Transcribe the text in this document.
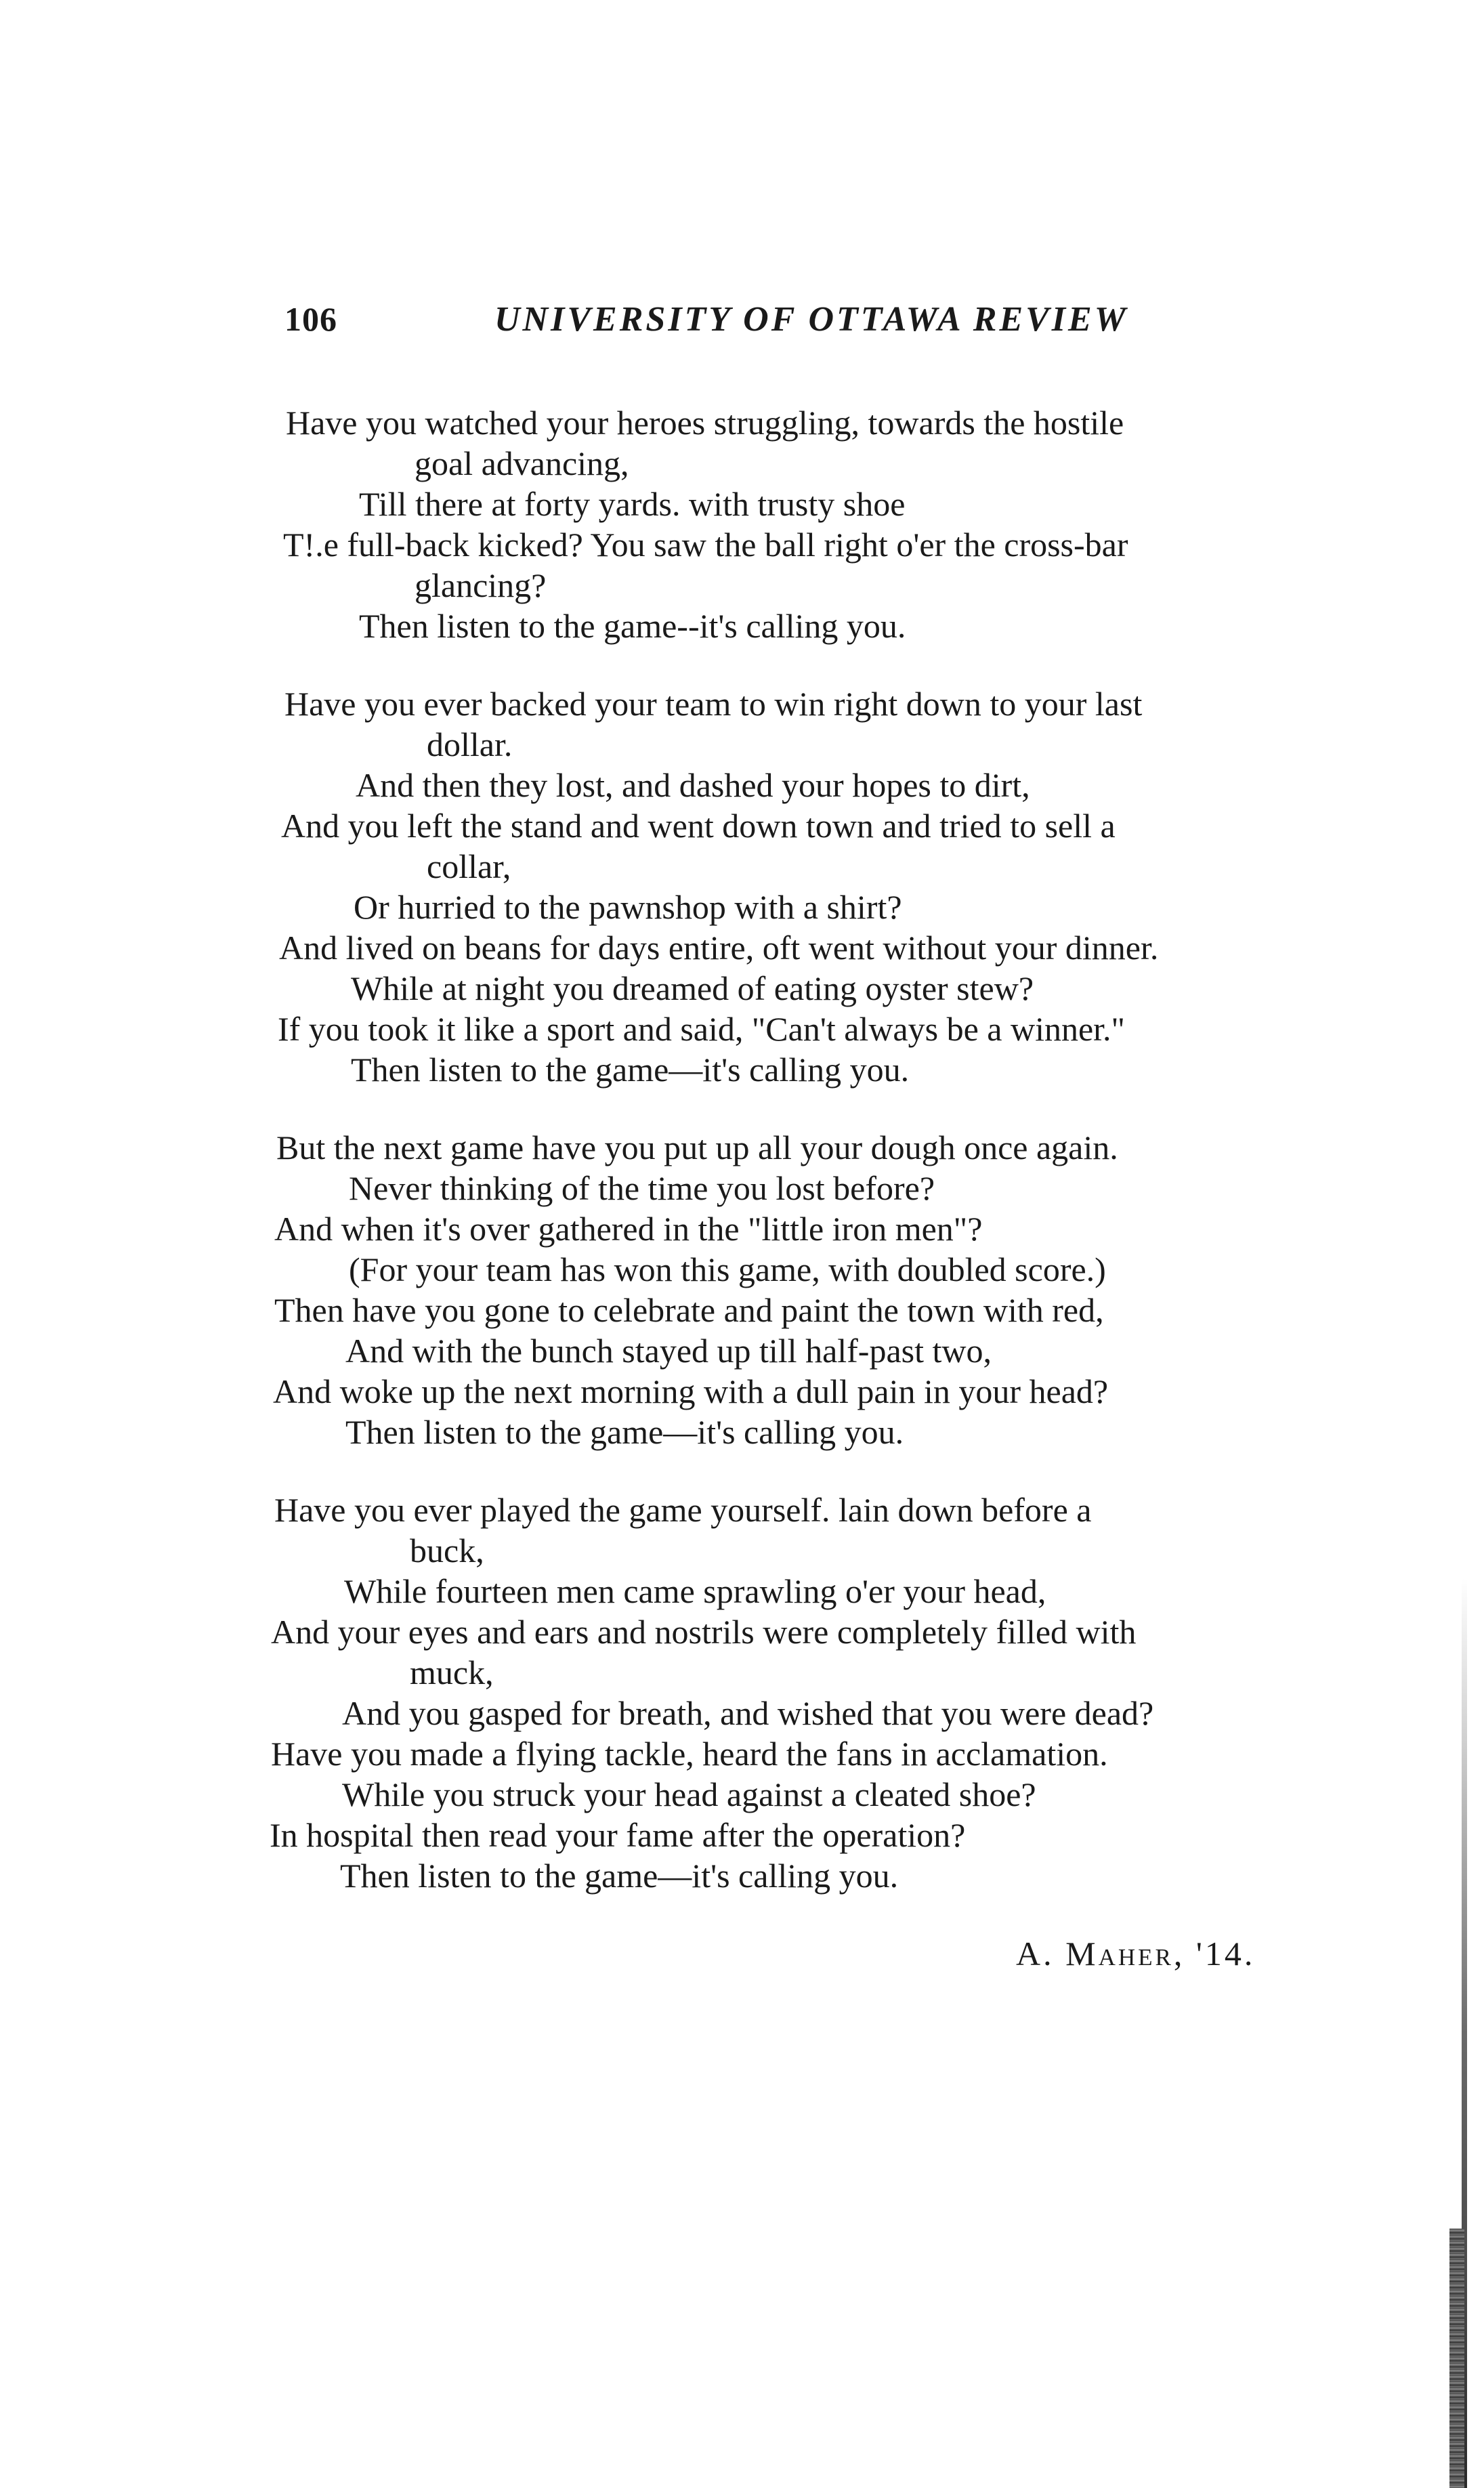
106	UNIVERSITY OF OTTAWA REVIEW
Have you watched your heroes struggling, towards the hostile
goal advancing,
Till there at forty yards. with trusty shoe
T!.e full-back kicked? You saw the ball right o'er the cross-bar
glancing?
Then listen to the game--it's calling you.
Have you ever backed your team to win right down to your last
dollar.
And then they lost, and dashed your hopes to dirt,
And you left the stand and went down town and tried to sell a
collar,
Or hurried to the pawnshop with a shirt?
And lived on beans for days entire, oft went without your dinner.
While at night you dreamed of eating oyster stew?
If you took it like a sport and said, "Can't always be a winner."
Then listen to the game—it's calling you.
But the next game have you put up all your dough once again.
Never thinking of the time you lost before?
And when it's over gathered in the "little iron men"?
(For your team has won this game, with doubled score.)
Then have you gone to celebrate and paint the town with red,
And with the bunch stayed up till half-past two,
And woke up the next morning with a dull pain in your head?
Then listen to the game—it's calling you.
Have you ever played the game yourself. lain down before a
buck,
While fourteen men came sprawling o'er your head,
And your eyes and ears and nostrils were completely filled with
muck,
And you gasped for breath, and wished that you were dead?
Have you made a flying tackle, heard the fans in acclamation.
While you struck your head against a cleated shoe?
In hospital then read your fame after the operation?
Then listen to the game—it's calling you.
A. Maher, '14.
